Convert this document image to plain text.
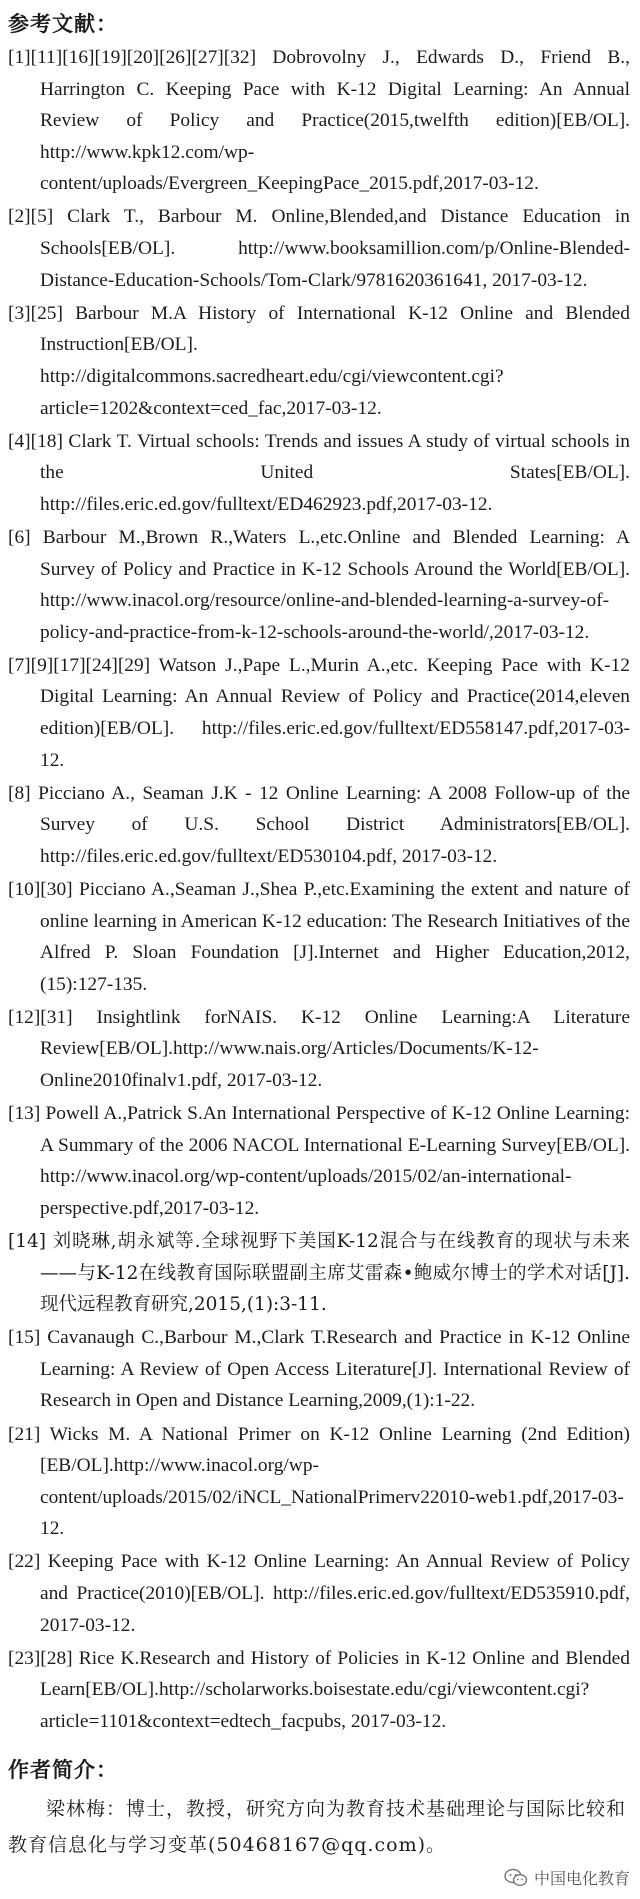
参考文献：

[1][11][16][19][20][26][27][32] Dobrovolny J., Edwards D., Friend B., Harrington C. Keeping Pace with K-12 Digital Learning: An Annual Review of Policy and Practice(2015,twelfth edition)[EB/OL]. http://www.kpk12.com/wp-content/uploads/Evergreen_KeepingPace_2015.pdf,2017-03-12.

[2][5] Clark T., Barbour M. Online,Blended,and Distance Education in Schools[EB/OL]. http://www.booksamillion.com/p/Online-Blended-Distance-Education-Schools/Tom-Clark/9781620361641, 2017-03-12.

[3][25] Barbour M.A History of International K-12 Online and Blended Instruction[EB/OL]. http://digitalcommons.sacredheart.edu/cgi/viewcontent.cgi?article=1202&context=ced_fac,2017-03-12.

[4][18] Clark T. Virtual schools: Trends and issues A study of virtual schools in the United States[EB/OL]. http://files.eric.ed.gov/fulltext/ED462923.pdf,2017-03-12.

[6] Barbour M.,Brown R.,Waters L.,etc.Online and Blended Learning: A Survey of Policy and Practice in K-12 Schools Around the World[EB/OL]. http://www.inacol.org/resource/online-and-blended-learning-a-survey-of-policy-and-practice-from-k-12-schools-around-the-world/,2017-03-12.

[7][9][17][24][29] Watson J.,Pape L.,Murin A.,etc. Keeping Pace with K-12 Digital Learning: An Annual Review of Policy and Practice(2014,eleven edition)[EB/OL]. http://files.eric.ed.gov/fulltext/ED558147.pdf,2017-03-12.

[8] Picciano A., Seaman J.K - 12 Online Learning: A 2008 Follow-up of the Survey of U.S. School District Administrators[EB/OL]. http://files.eric.ed.gov/fulltext/ED530104.pdf, 2017-03-12.

[10][30] Picciano A.,Seaman J.,Shea P.,etc.Examining the extent and nature of online learning in American K-12 education: The Research Initiatives of the Alfred P. Sloan Foundation [J].Internet and Higher Education,2012,(15):127-135.

[12][31] Insightlink forNAIS. K-12 Online Learning:A Literature Review[EB/OL].http://www.nais.org/Articles/Documents/K-12-Online2010finalv1.pdf, 2017-03-12.

[13] Powell A.,Patrick S.An International Perspective of K-12 Online Learning: A Summary of the 2006 NACOL International E-Learning Survey[EB/OL]. http://www.inacol.org/wp-content/uploads/2015/02/an-international-perspective.pdf,2017-03-12.

[14] 刘晓琳,胡永斌等.全球视野下美国K-12混合与在线教育的现状与未来——与K-12在线教育国际联盟副主席艾雷森•鲍威尔博士的学术对话[J].现代远程教育研究,2015,(1):3-11.

[15] Cavanaugh C.,Barbour M.,Clark T.Research and Practice in K-12 Online Learning: A Review of Open Access Literature[J]. International Review of Research in Open and Distance Learning,2009,(1):1-22.

[21] Wicks M. A National Primer on K-12 Online Learning (2nd Edition) [EB/OL].http://www.inacol.org/wp-content/uploads/2015/02/iNCL_NationalPrimerv22010-web1.pdf,2017-03-12.

[22] Keeping Pace with K-12 Online Learning: An Annual Review of Policy and Practice(2010)[EB/OL]. http://files.eric.ed.gov/fulltext/ED535910.pdf, 2017-03-12.

[23][28] Rice K.Research and History of Policies in K-12 Online and Blended Learn[EB/OL].http://scholarworks.boisestate.edu/cgi/viewcontent.cgi?article=1101&context=edtech_facpubs, 2017-03-12.

作者简介：
梁林梅：博士，教授，研究方向为教育技术基础理论与国际比较和教育信息化与学习变革(50468167@qq.com)。
中国电化教育
